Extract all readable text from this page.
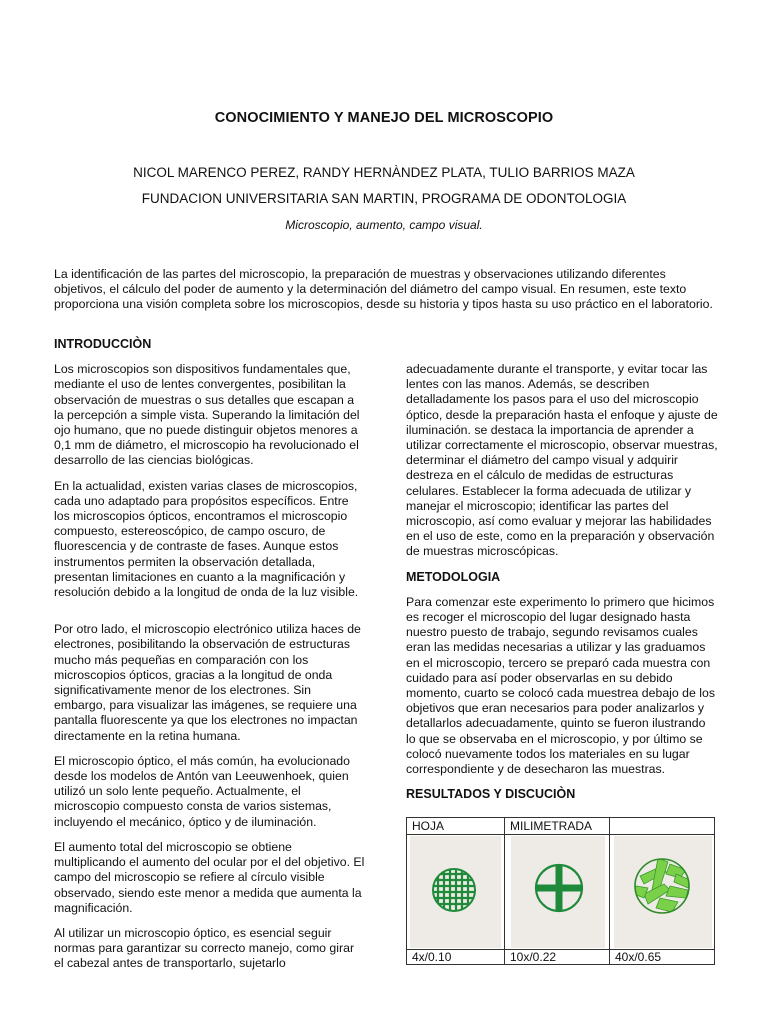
CONOCIMIENTO Y MANEJO DEL MICROSCOPIO
NICOL MARENCO PEREZ, RANDY HERNÀNDEZ PLATA, TULIO BARRIOS MAZA
FUNDACION UNIVERSITARIA SAN MARTIN, PROGRAMA DE ODONTOLOGIA
Microscopio, aumento, campo visual.
La identificación de las partes del microscopio, la preparación de muestras y observaciones utilizando diferentes objetivos, el cálculo del poder de aumento y la determinación del diámetro del campo visual. En resumen, este texto proporciona una visión completa sobre los microscopios, desde su historia y tipos hasta su uso práctico en el laboratorio.
INTRODUCCIÒN

Los microscopios son dispositivos fundamentales que, mediante el uso de lentes convergentes, posibilitan la observación de muestras o sus detalles que escapan a la percepción a simple vista. Superando la limitación del ojo humano, que no puede distinguir objetos menores a 0,1 mm de diámetro, el microscopio ha revolucionado el desarrollo de las ciencias biológicas.

En la actualidad, existen varias clases de microscopios, cada uno adaptado para propósitos específicos. Entre los microscopios ópticos, encontramos el microscopio compuesto, estereoscópico, de campo oscuro, de fluorescencia y de contraste de fases. Aunque estos instrumentos permiten la observación detallada, presentan limitaciones en cuanto a la magnificación y resolución debido a la longitud de onda de la luz visible.

Por otro lado, el microscopio electrónico utiliza haces de electrones, posibilitando la observación de estructuras mucho más pequeñas en comparación con los microscopios ópticos, gracias a la longitud de onda significativamente menor de los electrones. Sin embargo, para visualizar las imágenes, se requiere una pantalla fluorescente ya que los electrones no impactan directamente en la retina humana.

El microscopio óptico, el más común, ha evolucionado desde los modelos de Antón van Leeuwenhoek, quien utilizó un solo lente pequeño. Actualmente, el microscopio compuesto consta de varios sistemas, incluyendo el mecánico, óptico y de iluminación.

El aumento total del microscopio se obtiene multiplicando el aumento del ocular por el del objetivo. El campo del microscopio se refiere al círculo visible observado, siendo este menor a medida que aumenta la magnificación.

Al utilizar un microscopio óptico, es esencial seguir normas para garantizar su correcto manejo, como girar el cabezal antes de transportarlo, sujetarlo

adecuadamente durante el transporte, y evitar tocar las lentes con las manos. Además, se describen detalladamente los pasos para el uso del microscopio óptico, desde la preparación hasta el enfoque y ajuste de iluminación. se destaca la importancia de aprender a utilizar correctamente el microscopio, observar muestras, determinar el diámetro del campo visual y adquirir destreza en el cálculo de medidas de estructuras celulares. Establecer la forma adecuada de utilizar y manejar el microscopio; identificar las partes del microscopio, así como evaluar y mejorar las habilidades en el uso de este, como en la preparación y observación de muestras microscópicas.

METODOLOGIA

Para comenzar este experimento lo primero que hicimos es recoger el microscopio del lugar designado hasta nuestro puesto de trabajo, segundo revisamos cuales eran las medidas necesarias a utilizar y las graduamos en el microscopio, tercero se preparó cada muestra con cuidado para así poder observarlas en su debido momento, cuarto se colocó cada muestrea debajo de los objetivos que eran necesarios para poder analizarlos y detallarlos adecuadamente, quinto se fueron ilustrando lo que se observaba en el microscopio, y por último se colocó nuevamente todos los materiales en su lugar correspondiente y de desecharon las muestras.

RESULTADOS Y DISCUCIÒN
HOJA	MILIMETRADA
4x/0.10	10x/0.22	40x/0.65
